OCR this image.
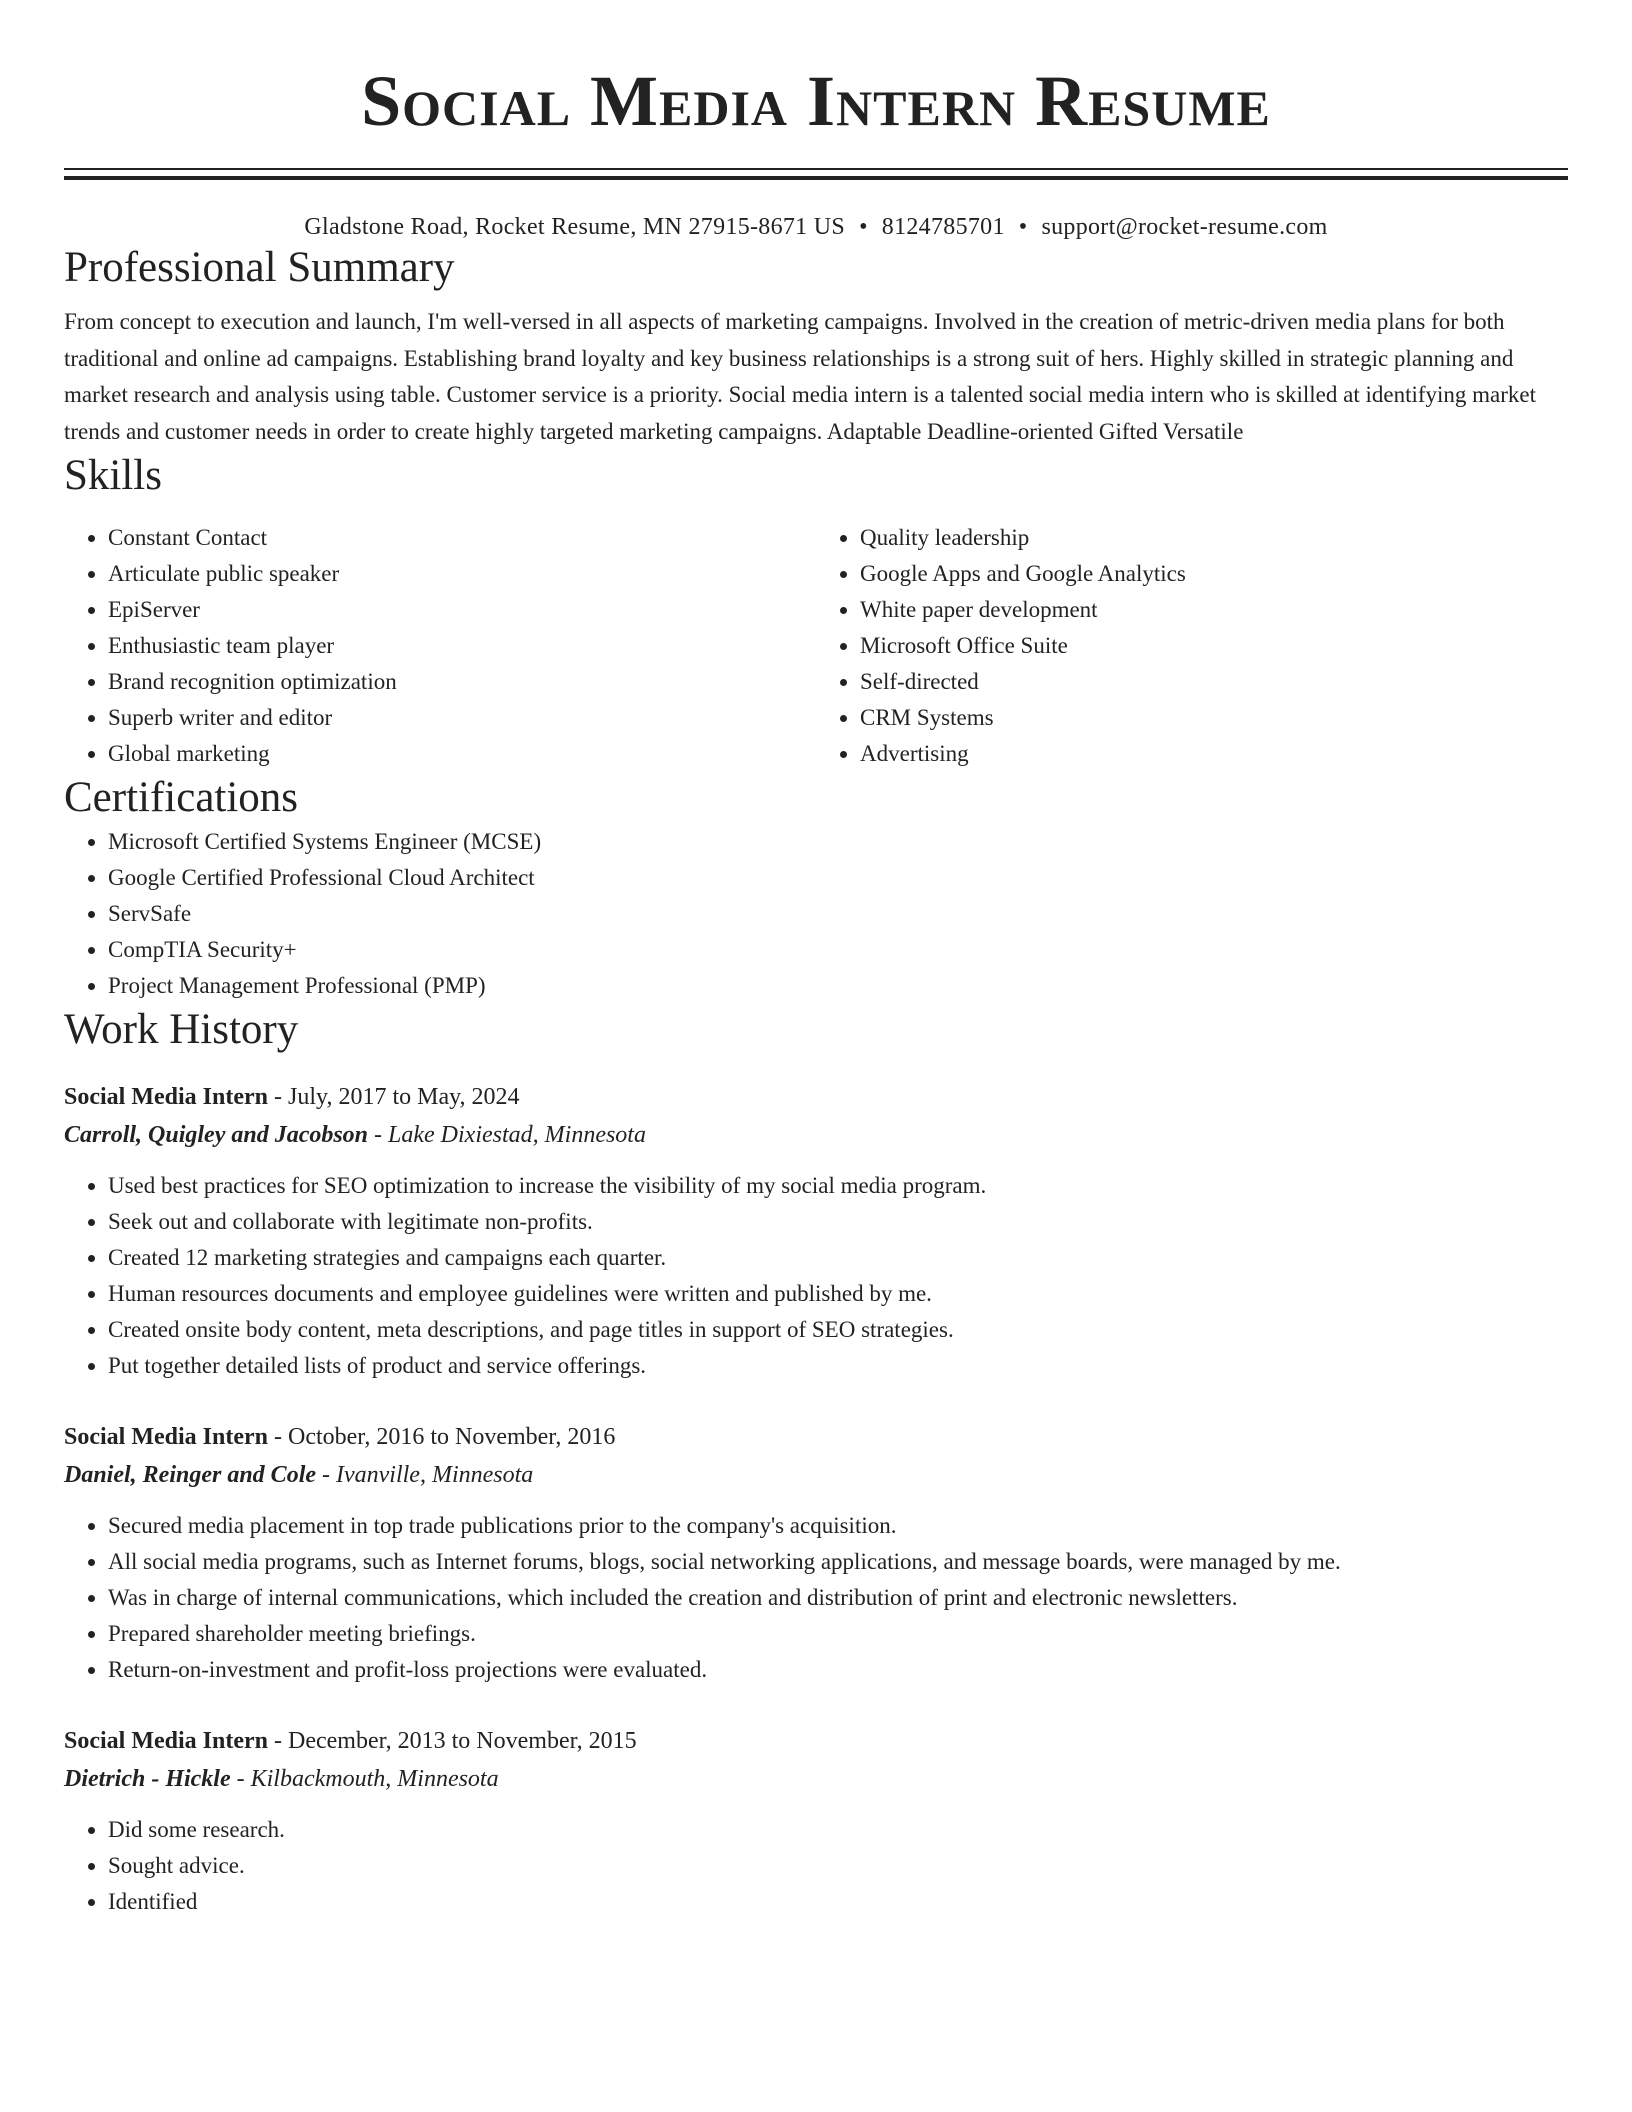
Social Media Intern Resume
Gladstone Road, Rocket Resume, MN 27915-8671 US • 8124785701 • support@rocket-resume.com
Professional Summary

From concept to execution and launch, I'm well-versed in all aspects of marketing campaigns. Involved in the creation of metric-driven media plans for both traditional and online ad campaigns. Establishing brand loyalty and key business relationships is a strong suit of hers. Highly skilled in strategic planning and market research and analysis using table. Customer service is a priority. Social media intern is a talented social media intern who is skilled at identifying market trends and customer needs in order to create highly targeted marketing campaigns. Adaptable Deadline-oriented Gifted Versatile

Skills
• Constant Contact
• Articulate public speaker
• EpiServer
• Enthusiastic team player
• Brand recognition optimization
• Superb writer and editor
• Global marketing
• Quality leadership
• Google Apps and Google Analytics
• White paper development
• Microsoft Office Suite
• Self-directed
• CRM Systems
• Advertising
Certifications
• Microsoft Certified Systems Engineer (MCSE)
• Google Certified Professional Cloud Architect
• ServSafe
• CompTIA Security+
• Project Management Professional (PMP)
Work History
Social Media Intern - July, 2017 to May, 2024
Carroll, Quigley and Jacobson - Lake Dixiestad, Minnesota
• Used best practices for SEO optimization to increase the visibility of my social media program.
• Seek out and collaborate with legitimate non-profits.
• Created 12 marketing strategies and campaigns each quarter.
• Human resources documents and employee guidelines were written and published by me.
• Created onsite body content, meta descriptions, and page titles in support of SEO strategies.
• Put together detailed lists of product and service offerings.
Social Media Intern - October, 2016 to November, 2016
Daniel, Reinger and Cole - Ivanville, Minnesota
• Secured media placement in top trade publications prior to the company's acquisition.
• All social media programs, such as Internet forums, blogs, social networking applications, and message boards, were managed by me.
• Was in charge of internal communications, which included the creation and distribution of print and electronic newsletters.
• Prepared shareholder meeting briefings.
• Return-on-investment and profit-loss projections were evaluated.
Social Media Intern - December, 2013 to November, 2015
Dietrich - Hickle - Kilbackmouth, Minnesota
• Did some research.
• Sought advice.
• Identified
